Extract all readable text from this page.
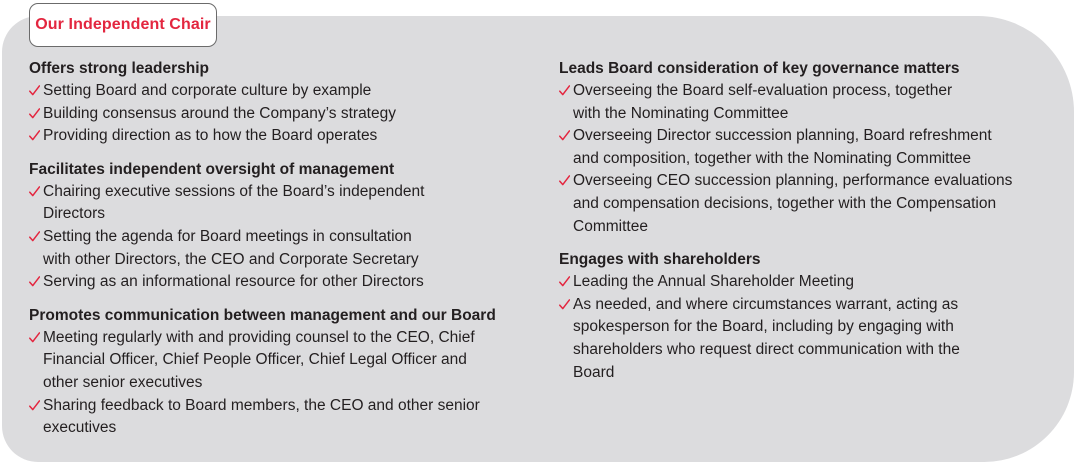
Our Independent Chair

Offers strong leadership

Setting Board and corporate culture by example
Building consensus around the Company’s strategy
Providing direction as to how the Board operates

Facilitates independent oversight of management

Chairing executive sessions of the Board’s independent
Directors
Setting the agenda for Board meetings in consultation
with other Directors, the CEO and Corporate Secretary
Serving as an informational resource for other Directors

Promotes communication between management and our Board

Meeting regularly with and providing counsel to the CEO, Chief
Financial Officer, Chief People Officer, Chief Legal Officer and
other senior executives
Sharing feedback to Board members, the CEO and other senior
executives

Leads Board consideration of key governance matters

Overseeing the Board self-evaluation process, together
with the Nominating Committee
Overseeing Director succession planning, Board refreshment
and composition, together with the Nominating Committee
Overseeing CEO succession planning, performance evaluations
and compensation decisions, together with the Compensation
Committee

Engages with shareholders

Leading the Annual Shareholder Meeting
As needed, and where circumstances warrant, acting as
spokesperson for the Board, including by engaging with
shareholders who request direct communication with the
Board
